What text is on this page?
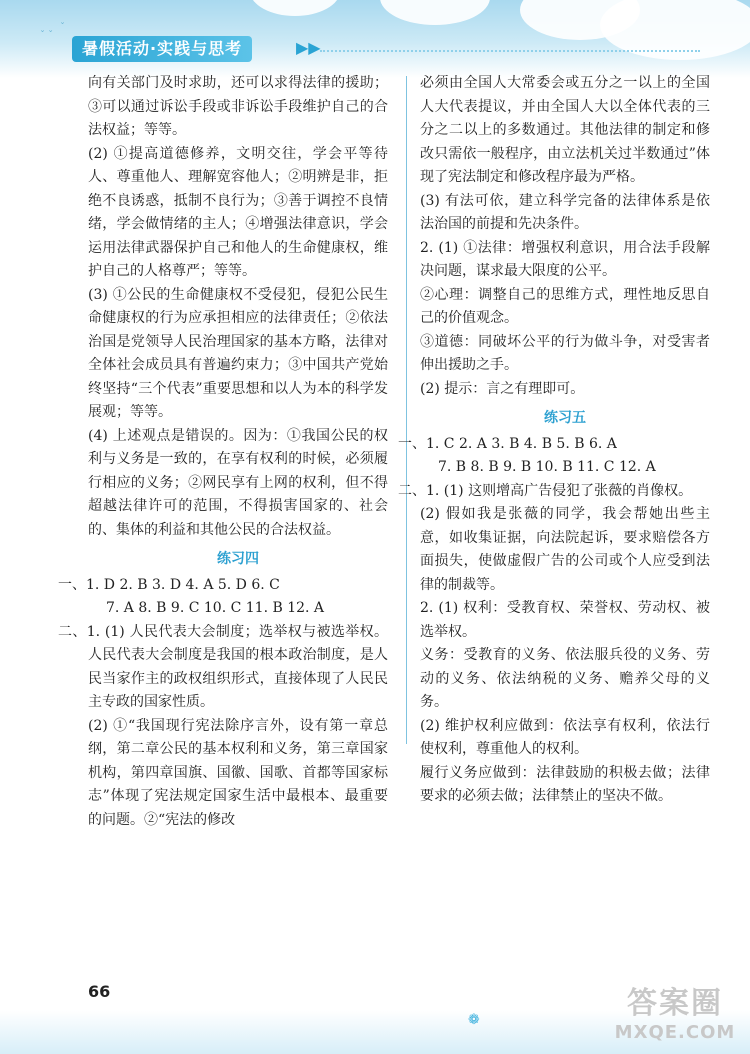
ˇ ˇ
ˇ
暑假活动·实践与思考	▶▶

向有关部门及时求助，还可以求得法律的援助；③可以通过诉讼手段或非诉讼手段维护自己的合法权益；等等。

(2) ①提高道德修养，文明交往，学会平等待人、尊重他人、理解宽容他人；②明辨是非，拒绝不良诱惑，抵制不良行为；③善于调控不良情绪，学会做情绪的主人；④增强法律意识，学会运用法律武器保护自己和他人的生命健康权，维护自己的人格尊严；等等。

(3) ①公民的生命健康权不受侵犯，侵犯公民生命健康权的行为应承担相应的法律责任；②依法治国是党领导人民治理国家的基本方略，法律对全体社会成员具有普遍约束力；③中国共产党始终坚持“三个代表”重要思想和以人为本的科学发展观；等等。

(4) 上述观点是错误的。因为：①我国公民的权利与义务是一致的，在享有权利的时候，必须履行相应的义务；②网民享有上网的权利，但不得超越法律许可的范围，不得损害国家的、社会的、集体的利益和其他公民的合法权益。

练习四

一、1. D 2. B 3. D 4. A 5. D 6. C

7. A 8. B 9. C 10. C 11. B 12. A

二、1. (1) 人民代表大会制度；选举权与被选举权。人民代表大会制度是我国的根本政治制度，是人民当家作主的政权组织形式，直接体现了人民民主专政的国家性质。

(2) ①“我国现行宪法除序言外，设有第一章总纲，第二章公民的基本权利和义务，第三章国家机构，第四章国旗、国徽、国歌、首都等国家标志”体现了宪法规定国家生活中最根本、最重要的问题。②“宪法的修改

必须由全国人大常委会或五分之一以上的全国人大代表提议，并由全国人大以全体代表的三分之二以上的多数通过。其他法律的制定和修改只需依一般程序，由立法机关过半数通过”体现了宪法制定和修改程序最为严格。

(3) 有法可依，建立科学完备的法律体系是依法治国的前提和先决条件。

2. (1) ①法律：增强权利意识，用合法手段解决问题，谋求最大限度的公平。

②心理：调整自己的思维方式，理性地反思自己的价值观念。

③道德：同破坏公平的行为做斗争，对受害者伸出援助之手。

(2) 提示：言之有理即可。

练习五

一、1. C 2. A 3. B 4. B 5. B 6. A

7. B 8. B 9. B 10. B 11. C 12. A

二、1. (1) 这则增高广告侵犯了张薇的肖像权。

(2) 假如我是张薇的同学，我会帮她出些主意，如收集证据，向法院起诉，要求赔偿各方面损失，使做虚假广告的公司或个人应受到法律的制裁等。

2. (1) 权利：受教育权、荣誉权、劳动权、被选举权。

义务：受教育的义务、依法服兵役的义务、劳动的义务、依法纳税的义务、赡养父母的义务。

(2) 维护权利应做到：依法享有权利，依法行使权利，尊重他人的权利。

履行义务应做到：法律鼓励的积极去做；法律要求的必须去做；法律禁止的坚决不做。

66
❁	答案圈
MXQE.COM
